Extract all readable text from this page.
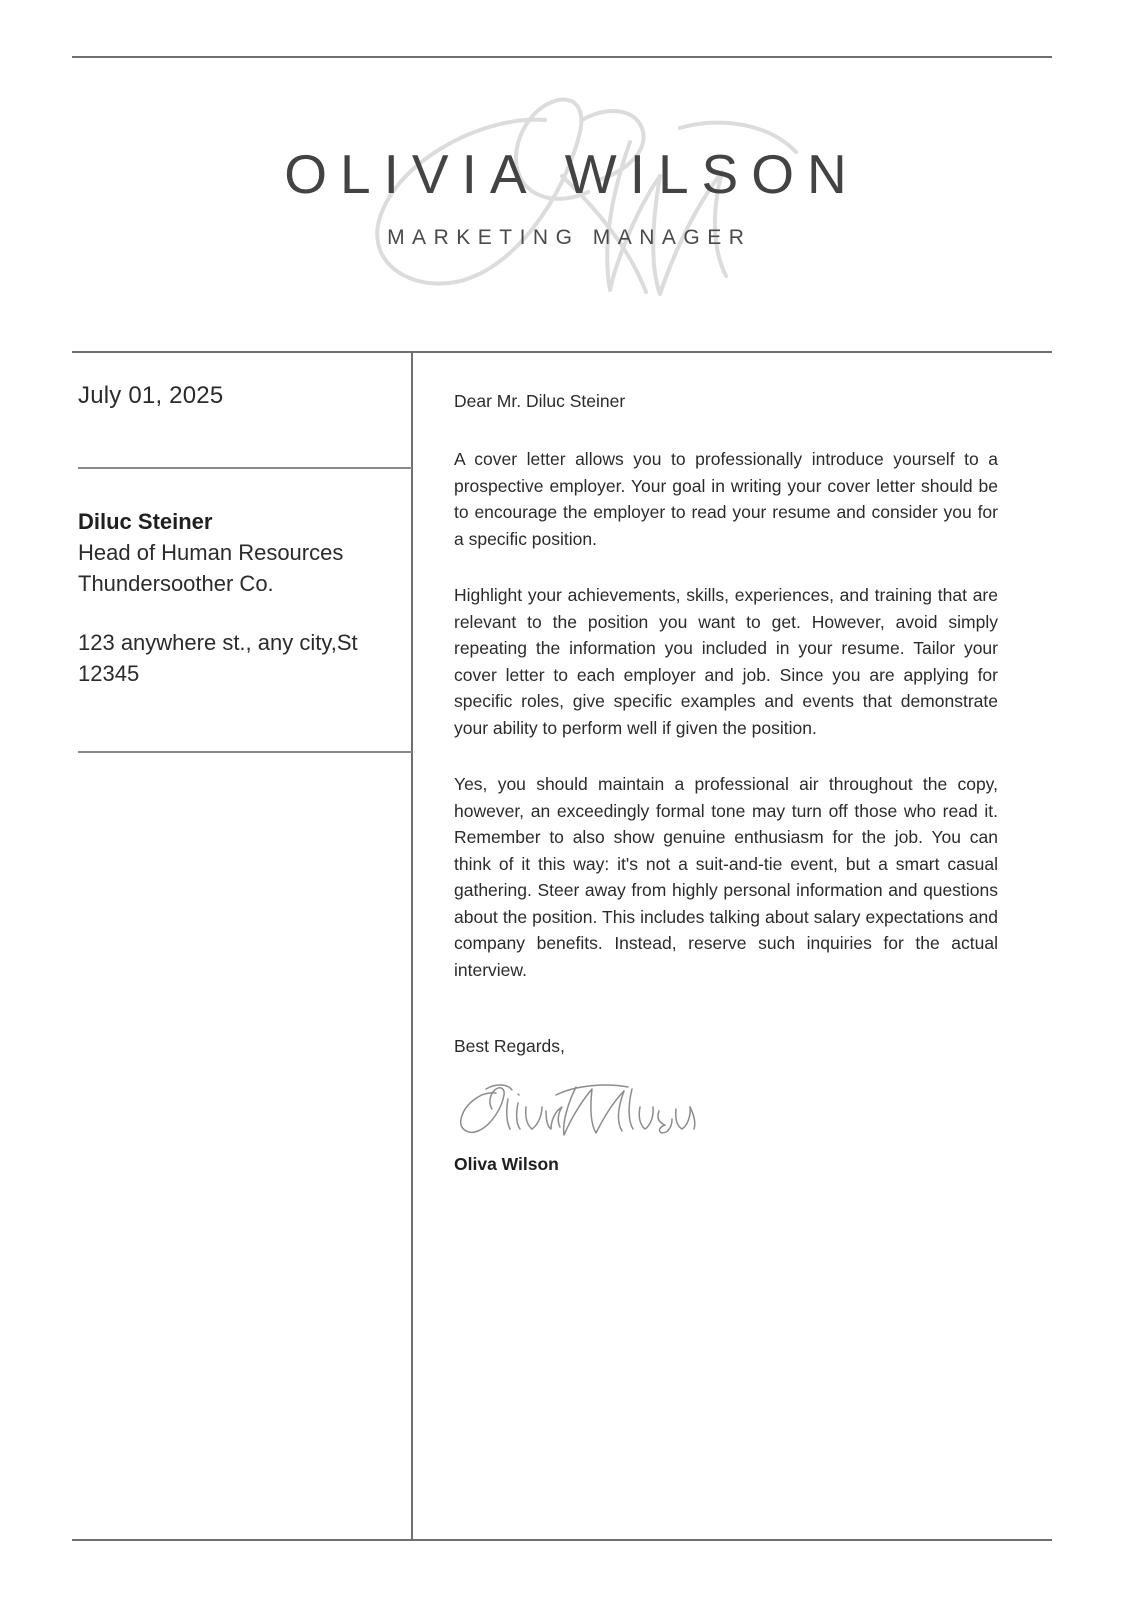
OLIVIA WILSON
MARKETING MANAGER
July 01, 2025
Diluc Steiner
Head of Human Resources
Thundersoother Co.
123 anywhere st., any city,St
12345
Dear Mr. Diluc Steiner

A cover letter allows you to professionally introduce yourself to a prospective employer. Your goal in writing your cover letter should be to encourage the employer to read your resume and consider you for a specific position.

Highlight your achievements, skills, experiences, and training that are relevant to the position you want to get. However, avoid simply repeating the information you included in your resume. Tailor your cover letter to each employer and job. Since you are applying for specific roles, give specific examples and events that demonstrate your ability to perform well if given the position.

Yes, you should maintain a professional air throughout the copy, however, an exceedingly formal tone may turn off those who read it. Remember to also show genuine enthusiasm for the job. You can think of it this way: it's not a suit-and-tie event, but a smart casual gathering. Steer away from highly personal information and questions about the position. This includes talking about salary expectations and company benefits. Instead, reserve such inquiries for the actual interview.

Best Regards,
Oliva Wilson
